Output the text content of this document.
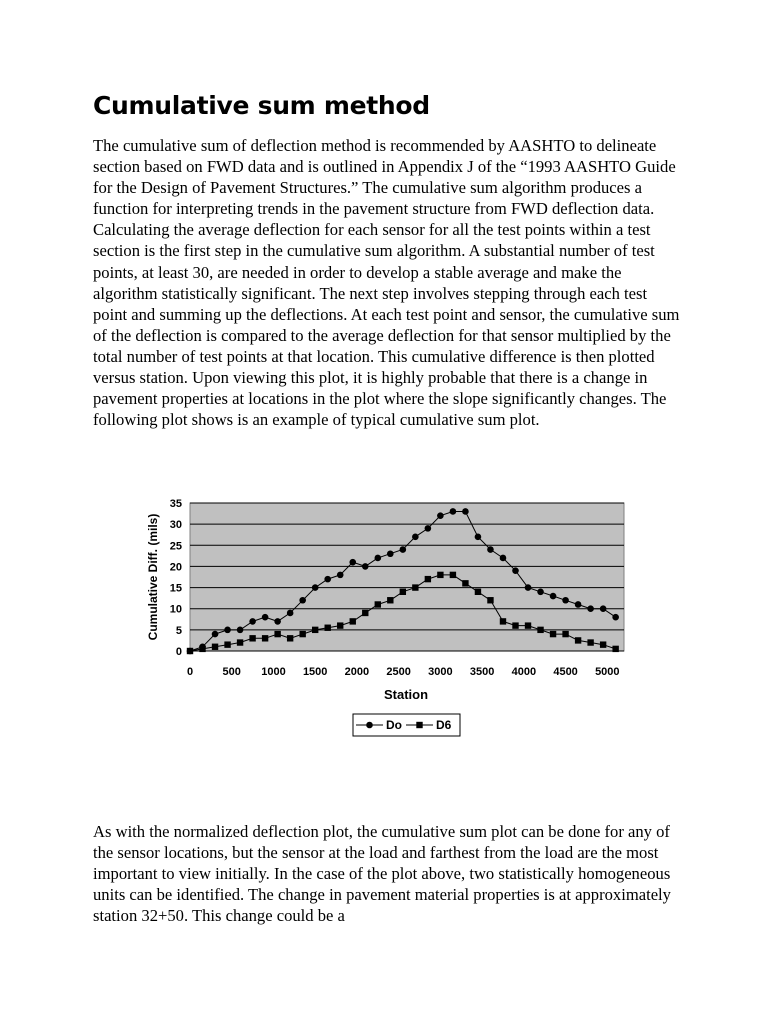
Cumulative sum method

The cumulative sum of deflection method is recommended by AASHTO to delineate section based on FWD data and is outlined in Appendix J of the “1993 AASHTO Guide for the Design of Pavement Structures.” The cumulative sum algorithm produces a function for interpreting trends in the pavement structure from FWD deflection data. Calculating the average deflection for each sensor for all the test points within a test section is the first step in the cumulative sum algorithm. A substantial number of test points, at least 30, are needed in order to develop a stable average and make the algorithm statistically significant. The next step involves stepping through each test point and summing up the deflections. At each test point and sensor, the cumulative sum of the deflection is compared to the average deflection for that sensor multiplied by the total number of test points at that location. This cumulative difference is then plotted versus station. Upon viewing this plot, it is highly probable that there is a change in pavement properties at locations in the plot where the slope significantly changes. The following plot shows is an example of typical cumulative sum plot.

0
5
10
15
20
25
30
35
0	500 1000 1500 2000 2500 3000 3500 4000 4500 5000
Cumulative Diff. (mils)
Station
Do	D6

As with the normalized deflection plot, the cumulative sum plot can be done for any of the sensor locations, but the sensor at the load and farthest from the load are the most important to view initially. In the case of the plot above, two statistically homogeneous units can be identified. The change in pavement material properties is at approximately station 32+50. This change could be a
